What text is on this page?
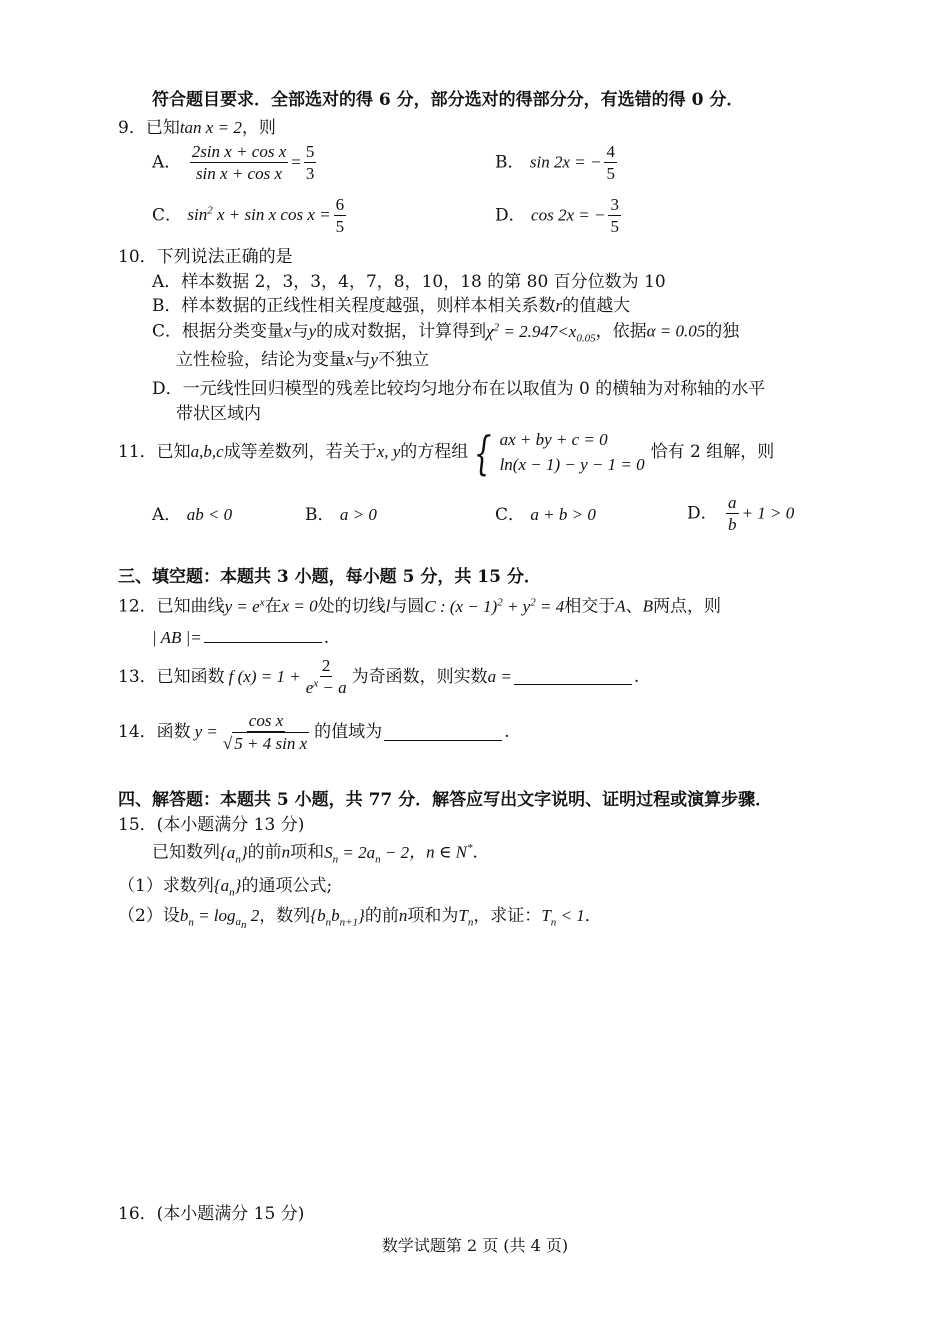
符合题目要求．全部选对的得 6 分，部分选对的得部分分，有选错的得 0 分．
9．已知tan x = 2，则
A． $\frac{\text{2sin x + cos x}}{\text{sin x + cos x}} = \frac{5}{3}$	B． sin 2x = − $\frac{4}{5}$
C． $\sin^2 x + \sin x$ $\cos x = \frac{6}{5}$	D． cos 2x = − $\frac{3}{5}$
10．下列说法正确的是
A．样本数据 2，3，3，4，7，8，10，18 的第 80 百分位数为 10
B．样本数据的正线性相关程度越强，则样本相关系数r的值越大
C．根据分类变量x与y的成对数据，计算得到$\chi^2 = 2.947<x_{0.05}$，依据α = 0.05的独
立性检验，结论为变量x与y不独立
D．一元线性回归模型的残差比较均匀地分布在以取值为 0 的横轴为对称轴的水平
带状区域内
11． 已知 a,b,c 成等差数列，若关于 x, y 的方程组 { ax + by + c = 0
ln(x − 1) − y − 1 = 0
恰有 2 组解，则
A． ab < 0	B． a > 0	C． a + b > 0	D． $\frac{a}{b} + 1 > 0$
三、填空题：本题共 3 小题，每小题 5 分，共 15 分．
12．已知曲线$y = e^x$在x = 0处的切线l与圆C : $(x - 1)^2 + y^2 = 4$相交于A、B两点，则
| AB |=	.
13． 已知函数 f $(x) = 1 + \frac{2}{e^x - a}$ 为奇函数，则实数 a =	.
14． 函数 $y = \frac{\text{cos x}}{\text{√ 5 + 4 sin x}}$ 的值域为	.
四、解答题：本题共 5 小题，共 77 分．解答应写出文字说明、证明过程或演算步骤．
15．(本小题满分 13 分)
已知数列$\{a_n\}$的前n项和$S_n = 2a_n - 2$，n ∈ N*．
（1）求数列$\{a_n\}$的通项公式;
（2）设$b_n = \log_{a_n} 2$，数列$\{b_nb_{n+1}\}$的前n项和为$T_n$，求证：$T_n < 1$．
16．(本小题满分 15 分)
数学试题第 2 页 (共 4 页)
